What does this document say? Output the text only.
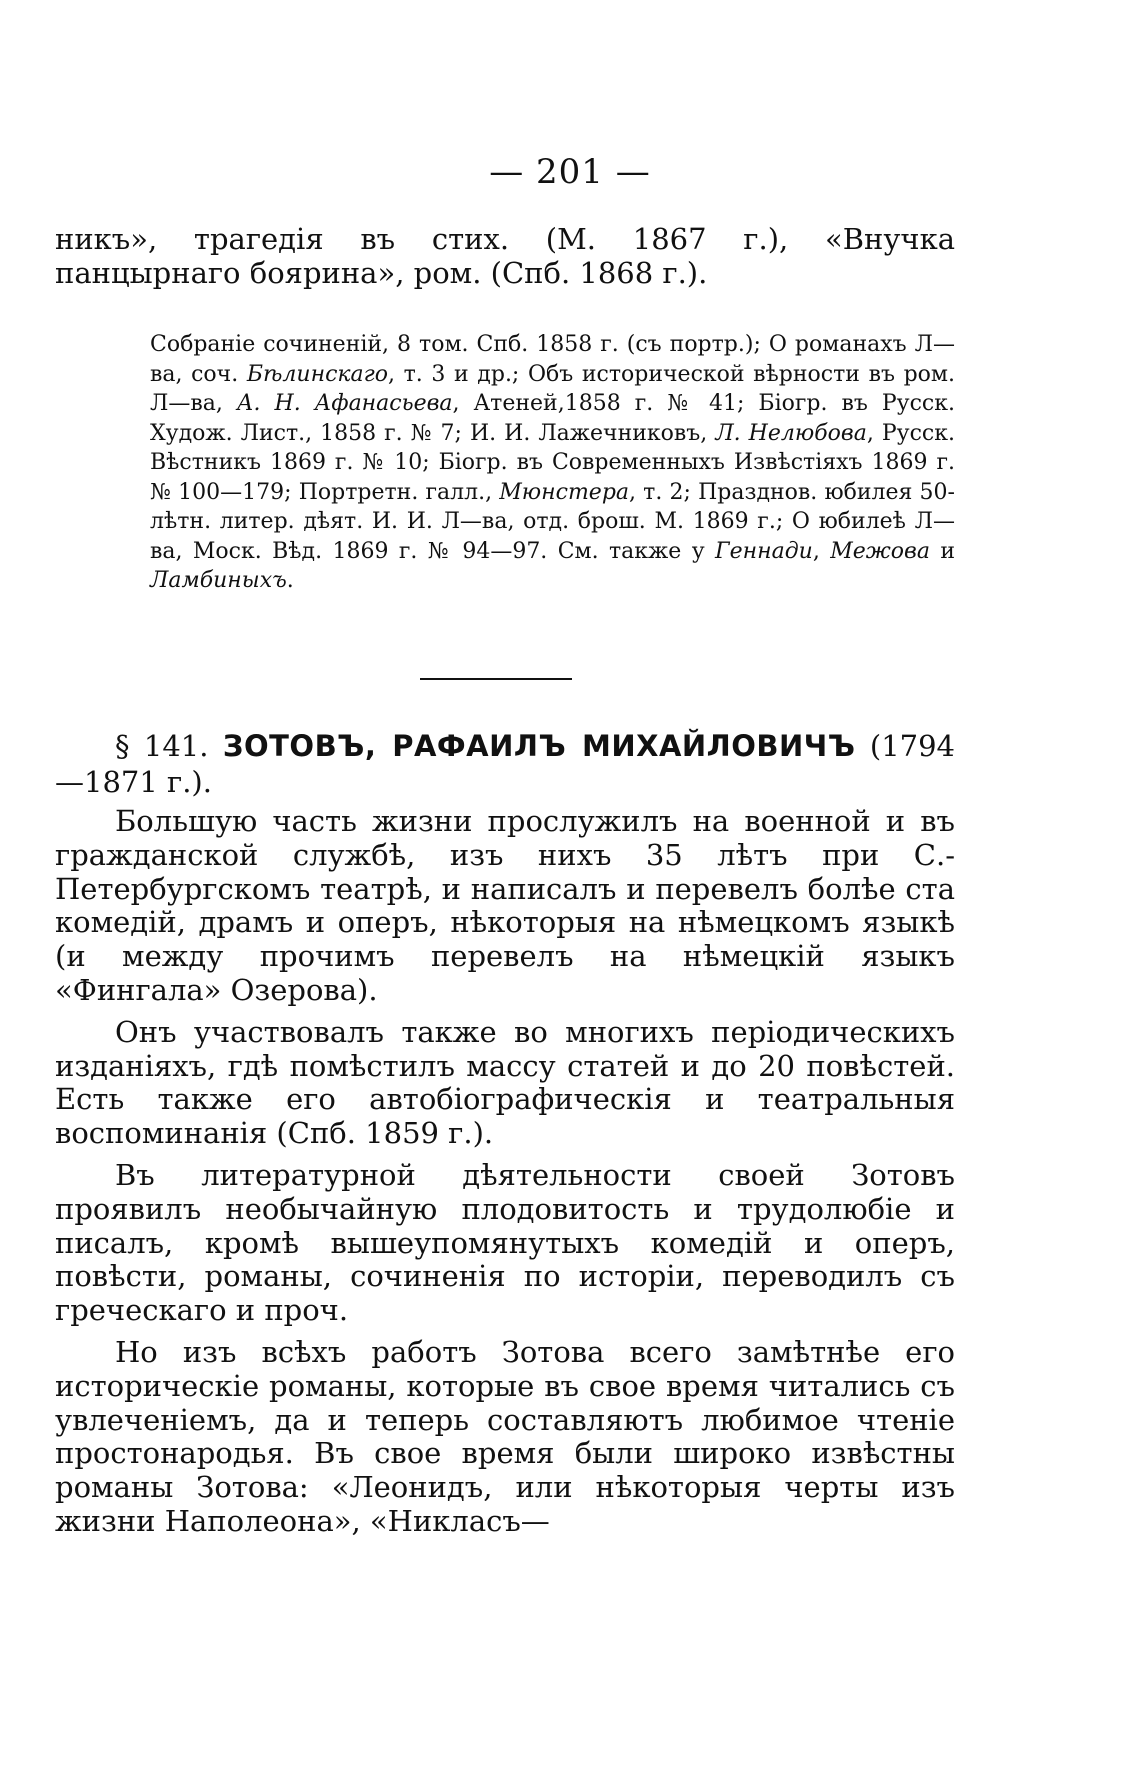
— 201 —
никъ», трагедія въ стих. (М. 1867 г.), «Внучка панцырнаго боярина», ром. (Спб. 1868 г.).
Собраніе сочиненій, 8 том. Спб. 1858 г. (съ портр.); О романахъ Л—ва, соч. Бѣлинскаго, т. 3 и др.; Объ исторической вѣрности въ ром. Л—ва, А. Н. Афанасьева, Атеней,1858 г. № 41; Біогр. въ Русск. Худож. Лист., 1858 г. № 7; И. И. Лажечниковъ, Л. Нелюбова, Русск. Вѣстникъ 1869 г. № 10; Біогр. въ Современныхъ Извѣстіяхъ 1869 г. № 100—179; Портретн. галл., Мюнстера, т. 2; Празднов. юбилея 50-лѣтн. литер. дѣят. И. И. Л—ва, отд. брош. М. 1869 г.; О юбилеѣ Л—ва, Моск. Вѣд. 1869 г. № 94—97. См. также у Геннади, Межова и Ламбиныхъ.
§ 141. ЗОТОВЪ, РАФАИЛЪ МИХАЙЛОВИЧЪ (1794—1871 г.).

Большую часть жизни прослужилъ на военной и въ гражданской службѣ, изъ нихъ 35 лѣтъ при С.-Петербургскомъ театрѣ, и написалъ и перевелъ болѣе ста комедій, драмъ и оперъ, нѣкоторыя на нѣмецкомъ языкѣ (и между прочимъ перевелъ на нѣмецкій языкъ «Фингала» Озерова).

Онъ участвовалъ также во многихъ періодическихъ изданіяхъ, гдѣ помѣстилъ массу статей и до 20 повѣстей. Есть также его автобіографическія и театральныя воспоминанія (Спб. 1859 г.).

Въ литературной дѣятельности своей Зотовъ проявилъ необычайную плодовитость и трудолюбіе и писалъ, кромѣ вышеупомянутыхъ комедій и оперъ, повѣсти, романы, сочиненія по исторіи, переводилъ съ греческаго и проч.

Но изъ всѣхъ работъ Зотова всего замѣтнѣе его историческіе романы, которые въ свое время читались съ увлеченіемъ, да и теперь составляютъ любимое чтеніе простонародья. Въ свое время были широко извѣстны романы Зотова: «Леонидъ, или нѣкоторыя черты изъ жизни Наполеона», «Никласъ—
